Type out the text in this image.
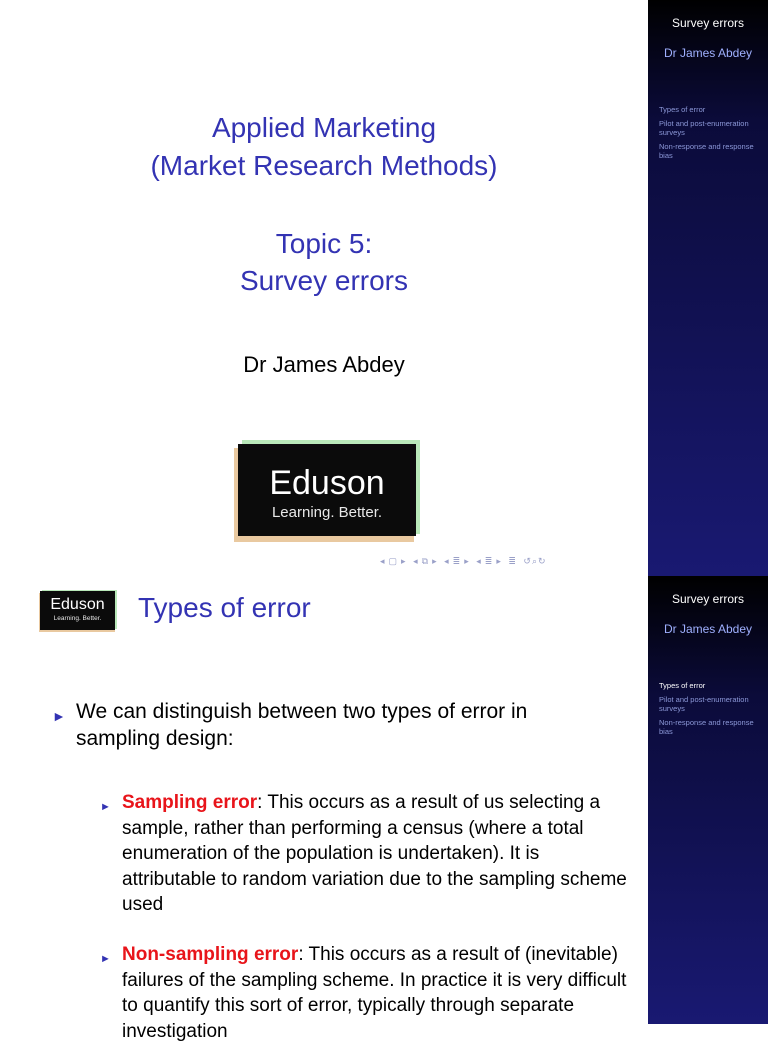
Applied Marketing
(Market Research Methods)
Topic 5:
Survey errors
Dr James Abdey
Eduson
Learning. Better.
◂ ▢ ▸ ◂ ⧉ ▸ ◂ ≣ ▸ ◂ ≣ ▸ ≣ ↺⌕↻
Survey errors
Dr James Abdey
Types of error
Pilot and post-enumeration surveys
Non-response and response bias
Eduson
Learning. Better.	Types of error
► We can distinguish between two types of error in sampling design:
► Sampling error: This occurs as a result of us selecting a sample, rather than performing a census (where a total enumeration of the population is undertaken). It is attributable to random variation due to the sampling scheme used
► Non-sampling error: This occurs as a result of (inevitable) failures of the sampling scheme. In practice it is very difficult to quantify this sort of error, typically through separate investigation
Survey errors
Dr James Abdey
Types of error
Pilot and post-enumeration surveys
Non-response and response bias
